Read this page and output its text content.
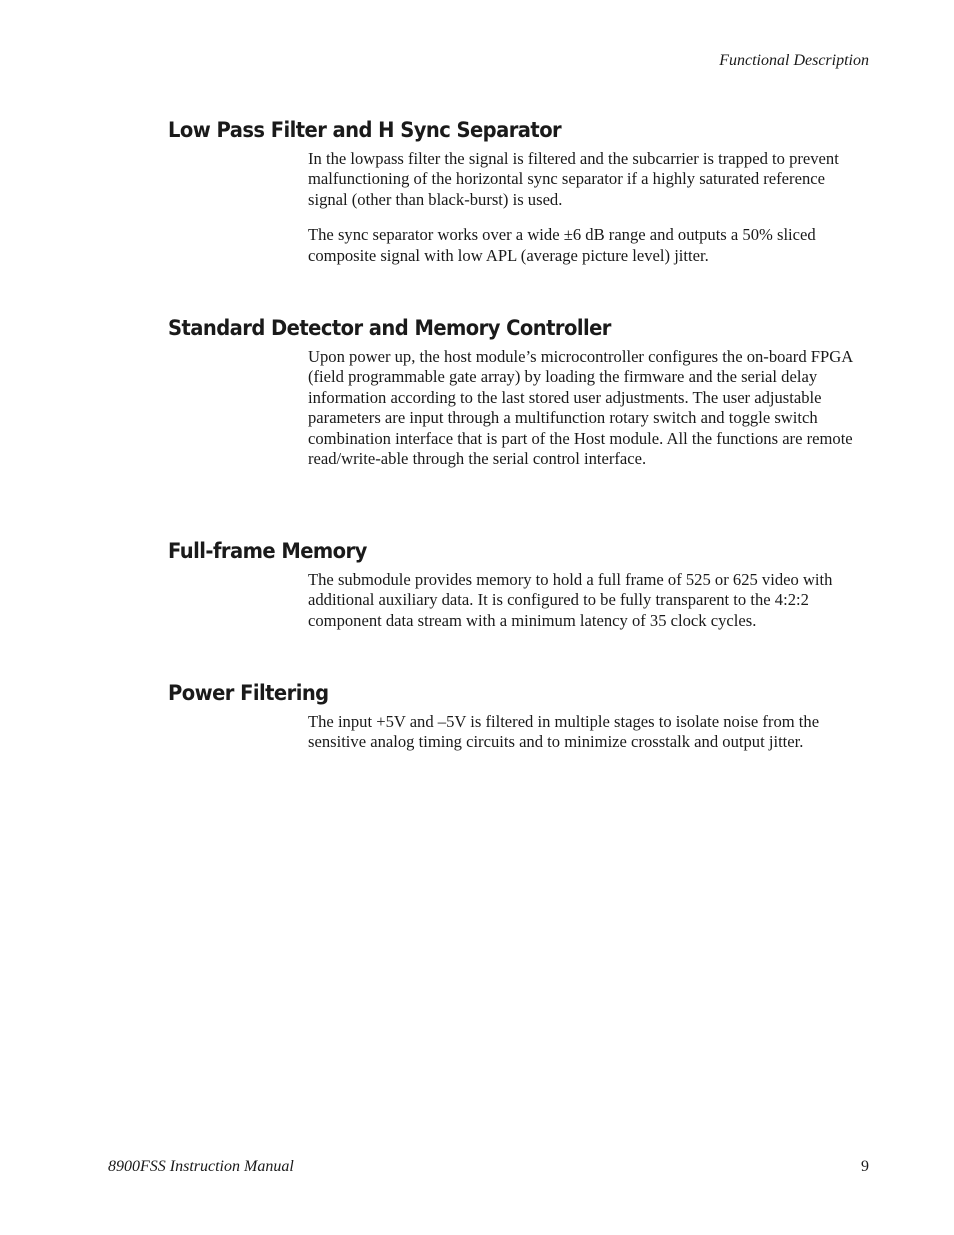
Functional Description
Low Pass Filter and H Sync Separator

In the lowpass filter the signal is filtered and the subcarrier is trapped to prevent malfunctioning of the horizontal sync separator if a highly saturated reference signal (other than black-burst) is used.

The sync separator works over a wide ±6 dB range and outputs a 50% sliced composite signal with low APL (average picture level) jitter.

Standard Detector and Memory Controller

Upon power up, the host module’s microcontroller configures the on-board FPGA (field programmable gate array) by loading the firmware and the serial delay information according to the last stored user adjustments. The user adjustable parameters are input through a multifunction rotary switch and toggle switch combination interface that is part of the Host module. All the functions are remote read/write-able through the serial control interface.

Full-frame Memory

The submodule provides memory to hold a full frame of 525 or 625 video with additional auxiliary data. It is configured to be fully transparent to the 4:2:2 component data stream with a minimum latency of 35 clock cycles.

Power Filtering

The input +5V and –5V is filtered in multiple stages to isolate noise from the sensitive analog timing circuits and to minimize crosstalk and output jitter.

8900FSS Instruction Manual	9
